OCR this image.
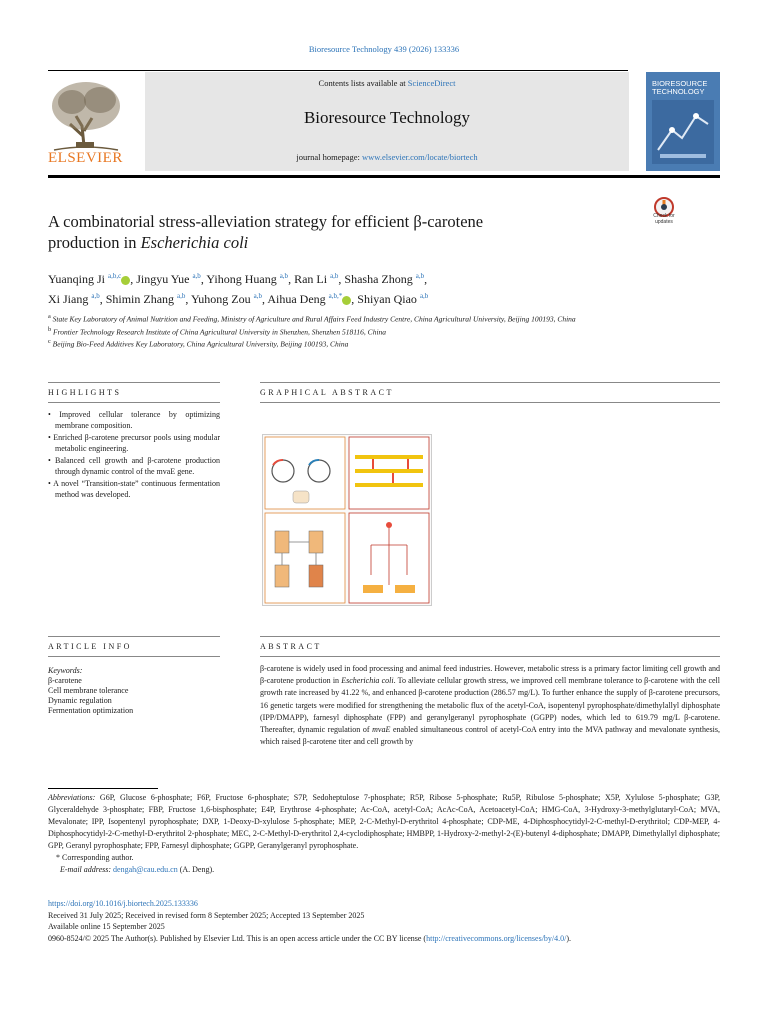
Bioresource Technology 439 (2026) 133336
ELSEVIER
Contents lists available at ScienceDirect
Bioresource Technology
journal homepage: www.elsevier.com/locate/biortech
BIORESOURCE TECHNOLOGY
Check for
updates
A combinatorial stress-alleviation strategy for efficient β-carotene
production in Escherichia coli
Yuanqing Ji $^{a,b,c}$ , Jingyu Yue $^{a,b}$, Yihong Huang $^{a,b}$, Ran Li $^{a,b}$, Shasha Zhong $^{a,b}$,
Xi Jiang $^{a,b}$, Shimin Zhang $^{a,b}$, Yuhong Zou $^{a,b}$, Aihua Deng $^{a,b,*}$ , Shiyan Qiao $^{a,b}$
$^a$ State Key Laboratory of Animal Nutrition and Feeding, Ministry of Agriculture and Rural Affairs Feed Industry Centre, China Agricultural University, Beijing 100193, China
$^b$ Frontier Technology Research Institute of China Agricultural University in Shenzhen, Shenzhen 518116, China
$^c$ Beijing Bio-Feed Additives Key Laboratory, China Agricultural University, Beijing 100193, China
HIGHLIGHTS
• Improved cellular tolerance by optimizing membrane composition.
• Enriched β-carotene precursor pools using modular metabolic engineering.
• Balanced cell growth and β-carotene production through dynamic control of the mvaE gene.
• A novel “Transition-state” continuous fermentation method was developed.
GRAPHICAL ABSTRACT
ARTICLE INFO
Keywords:
β-carotene
Cell membrane tolerance
Dynamic regulation
Fermentation optimization
ABSTRACT
β-carotene is widely used in food processing and animal feed industries. However, metabolic stress is a primary factor limiting cell growth and β-carotene production in Escherichia coli. To alleviate cellular growth stress, we improved cell membrane tolerance to β-carotene with the cell growth rate increased by 41.22 %, and enhanced β-carotene production (286.57 mg/L). To further enhance the supply of β-carotene precursors, 16 genetic targets were modified for strengthening the metabolic flux of the acetyl-CoA, isopentenyl pyrophosphate/dimethylallyl diphosphate (IPP/DMAPP), farnesyl diphosphate (FPP) and geranylgeranyl pyrophosphate (GGPP) nodes, which led to 619.79 mg/L β-carotene. Thereafter, dynamic regulation of mvaE enabled simultaneous control of acetyl-CoA entry into the MVA pathway and mevalonate synthesis, which raised β-carotene titer and cell growth by
Abbreviations: G6P, Glucose 6-phosphate; F6P, Fructose 6-phosphate; S7P, Sedoheptulose 7-phosphate; R5P, Ribose 5-phosphate; Ru5P, Ribulose 5-phosphate; X5P, Xylulose 5-phosphate; G3P, Glyceraldehyde 3-phosphate; FBP, Fructose 1,6-bisphosphate; E4P, Erythrose 4-phosphate; Ac-CoA, acetyl-CoA; AcAc-CoA, Acetoacetyl-CoA; HMG-CoA, 3-Hydroxy-3-methylglutaryl-CoA; MVA, Mevalonate; IPP, Isopentenyl pyrophosphate; DXP, 1-Deoxy-D-xylulose 5-phosphate; MEP, 2-C-Methyl-D-erythritol 4-phosphate; CDP-ME, 4-Diphosphocytidyl-2-C-methyl-D-erythritol; CDP-MEP, 4-Diphosphocytidyl-2-C-methyl-D-erythritol 2-phosphate; MEC, 2-C-Methyl-D-erythritol 2,4-cyclodiphosphate; HMBPP, 1-Hydroxy-2-methyl-2-(E)-butenyl 4-diphosphate; DMAPP, Dimethylallyl diphosphate; GPP, Geranyl pyrophosphate; FPP, Farnesyl diphosphate; GGPP, Geranylgeranyl pyrophosphate.
* Corresponding author.
E-mail address: dengah@cau.edu.cn (A. Deng).
https://doi.org/10.1016/j.biortech.2025.133336
Received 31 July 2025; Received in revised form 8 September 2025; Accepted 13 September 2025
Available online 15 September 2025
0960-8524/© 2025 The Author(s). Published by Elsevier Ltd. This is an open access article under the CC BY license (http://creativecommons.org/licenses/by/4.0/).
